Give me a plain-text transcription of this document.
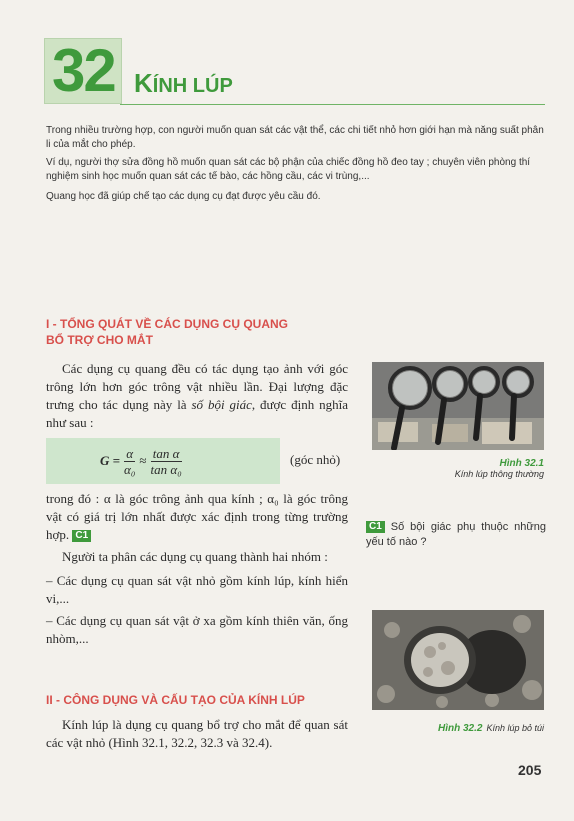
32 KÍNH LÚP
Trong nhiều trường hợp, con người muốn quan sát các vật thể, các chi tiết nhỏ hơn giới hạn mà năng suất phân li của mắt cho phép.
Ví dụ, người thợ sửa đồng hồ muốn quan sát các bộ phận của chiếc đồng hồ đeo tay ; chuyên viên phòng thí nghiệm sinh học muốn quan sát các tế bào, các hồng cầu, các vi trùng,...
Quang học đã giúp chế tạo các dụng cụ đạt được yêu cầu đó.
I - TỔNG QUÁT VỀ CÁC DỤNG CỤ QUANG
BỔ TRỢ CHO MẮT
Các dụng cụ quang đều có tác dụng tạo ảnh với góc trông lớn hơn góc trông vật nhiều lần. Đại lượng đặc trưng cho tác dụng này là số bội giác, được định nghĩa như sau :
$G = \frac{\alpha}{\text{α₀}} \approx \frac{\text{tan α}}{\text{tan α₀}}$	(góc nhỏ)
trong đó : α là góc trông ảnh qua kính ; α₀ là góc trông vật có giá trị lớn nhất được xác định trong từng trường hợp. C1
Người ta phân các dụng cụ quang thành hai nhóm :
– Các dụng cụ quan sát vật nhỏ gồm kính lúp, kính hiển vi,...
– Các dụng cụ quan sát vật ở xa gồm kính thiên văn, ống nhòm,...
II - CÔNG DỤNG VÀ CẤU TẠO CỦA KÍNH LÚP
Kính lúp là dụng cụ quang bổ trợ cho mắt để quan sát các vật nhỏ (Hình 32.1, 32.2, 32.3 và 32.4).
Hình 32.1
Kính lúp thông thường
C1 Số bội giác phụ thuộc những yếu tố nào ?
Hình 32.2 Kính lúp bỏ túi
205
